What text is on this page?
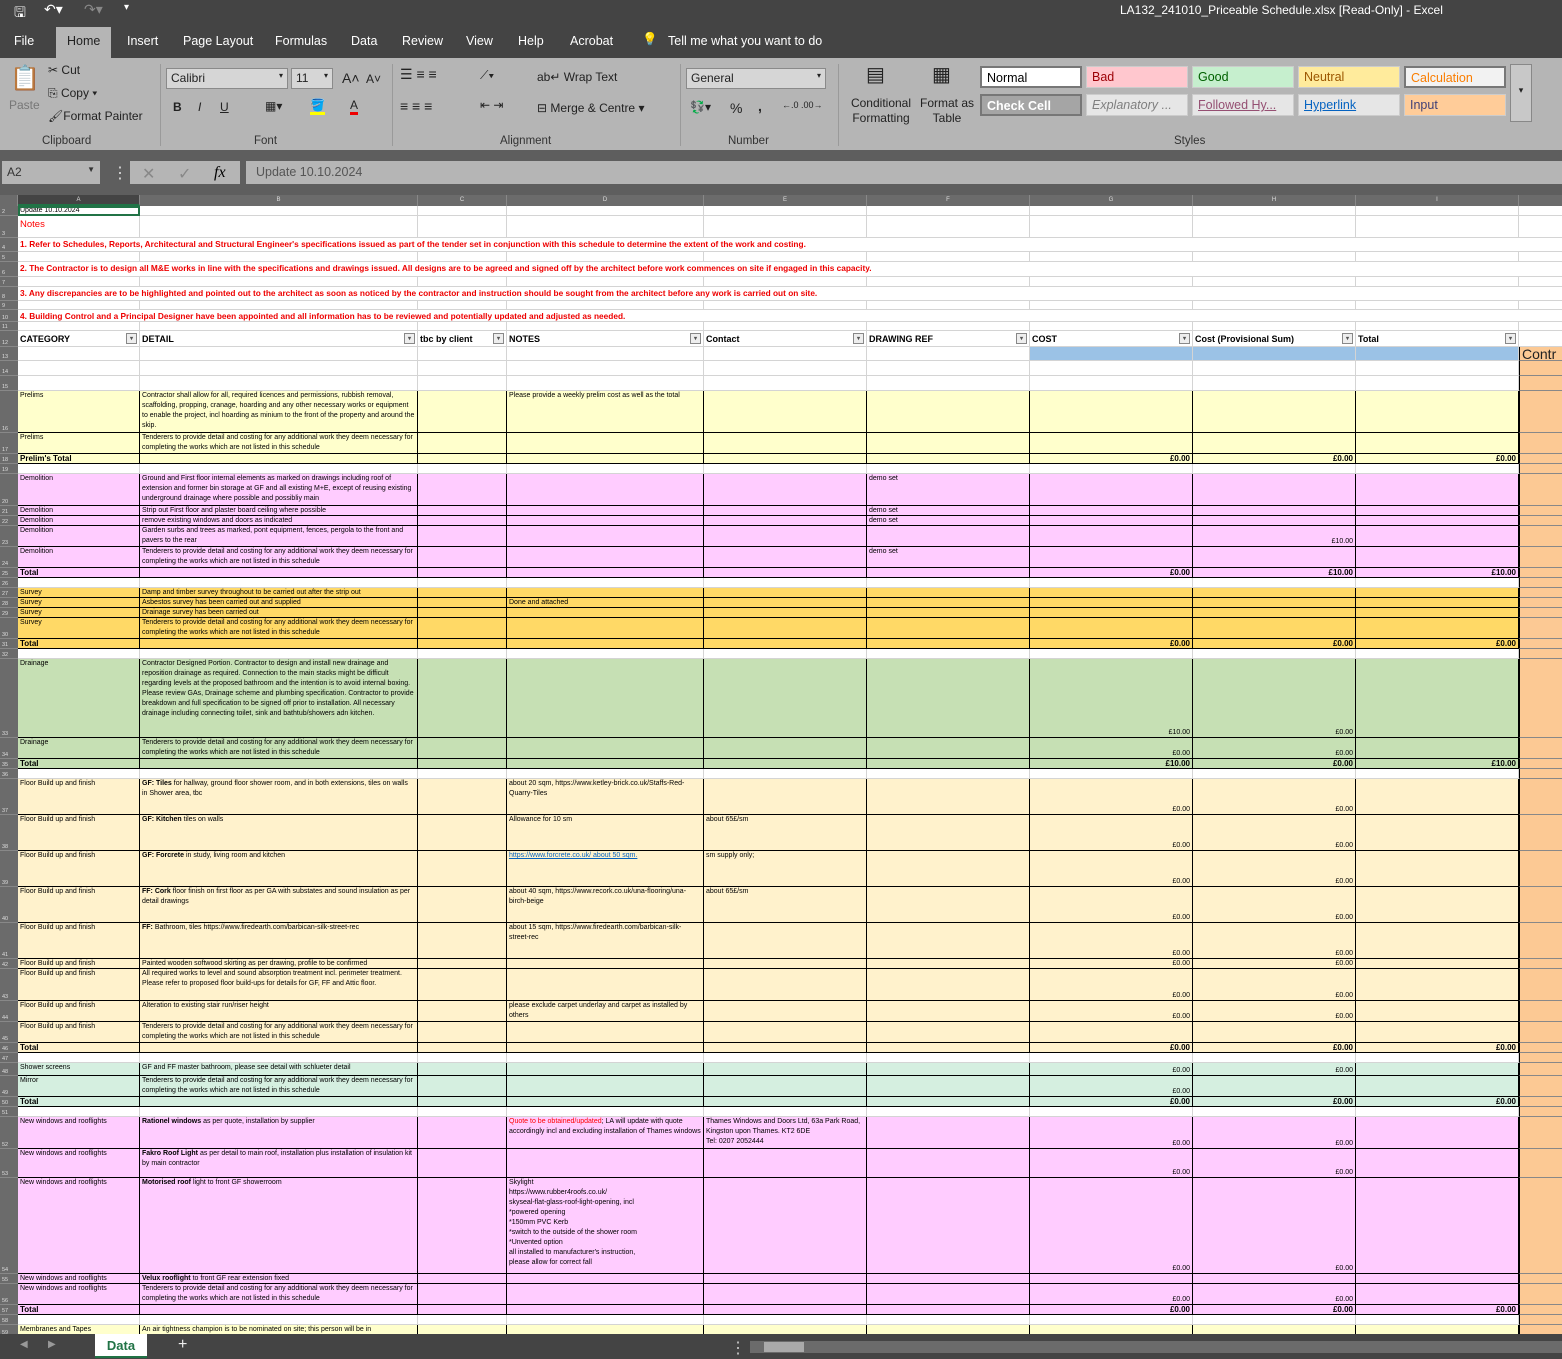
🖫 ↶▾ ↷▾ ▾	LA132_241010_Priceable Schedule.xlsx [Read-Only] - Excel
File	Home Insert Page Layout Formulas Data Review View Help Acrobat 💡 Tell me what you want to do
📋
Paste
✂ Cut
⎘ Copy ▾
🖌Format Painter
Clipboard
Calibri	▾	11 ▾ A˄ A˅
B I U	▦▾ 🪣 A
Font
☰ ≡ ≡
≡ ≡ ≡
⟋▾
⇤ ⇥
ab↵ Wrap Text
⊟ Merge & Centre ▾
Alignment
General	▾
💱▾ % , ←.0 .00→
Number
▤
Conditional Formatting
▦
Format as Table
Normal	Bad	Good	Neutral	Calculation
Check Cell	Explanatory ...	Followed Hy...	Hyperlink	Input
▾
Styles
A2	▼ ⋮ ✕ ✓ fx	Update 10.10.2024
A	B	C	D	E	F	G	H	I
2	Update 10.10.2024
3
Notes
4	1. Refer to Schedules, Reports, Architectural and Structural Engineer's specifications issued as part of the tender set in conjunction with this schedule to determine the extent of the work and costing.
5
6	2. The Contractor is to design all M&E works in line with the specifications and drawings issued. All designs are to be agreed and signed off by the architect before work commences on site if engaged in this capacity.
7
8	3. Any discrepancies are to be highlighted and pointed out to the architect as soon as noticed by the contractor and instruction should be sought from the architect before any work is carried out on site.
9
10	4. Building Control and a Principal Designer have been appointed and all information has to be reviewed and potentially updated and adjusted as needed.
11
12	CATEGORY	▾	DETAIL	▾	tbc by client	▾	NOTES	▾	Contact	▾	DRAWING REF	▾	COST	▾	Cost (Provisional Sum)	▾	Total	▾
13	Contr
14
15
16
Prelims	Contractor shall allow for all, required licences and permissions, rubbish removal, scaffolding, propping, cranage, hoarding and any other necessary works or equipment to enable the project, incl hoarding as minium to the front of the property and around the skip.
Please provide a weekly prelim cost as well as the total
17
Prelims	Tenderers to provide detail and costing for any additional work they deem necessary for completing the works which are not listed in this schedule
18	Prelim's Total	£0.00	£0.00	£0.00
19
20
Demolition	Ground and First floor internal elements as marked on drawings including roof of extension and former bin storage at GF and all existing M+E, except of reusing existing underground drainage where possible and possibliy main
demo set
21	Demolition	Strip out First floor and plaster board ceiling where possible	demo set
22	Demolition	remove existing windows and doors as indicated	demo set
23
Demolition	Garden surbs and trees as marked, pont equipment, fences, pergola to the front and pavers to the rear	£10.00
24
Demolition	Tenderers to provide detail and costing for any additional work they deem necessary for completing the works which are not listed in this schedule
demo set
25	Total	£0.00	£10.00	£10.00
26
27	Survey	Damp and timber survey throughout to be carried out after the strip out
28	Survey	Asbestos survey has been carried out and supplied	Done and attached
29	Survey	Drainage survey has been carried out
30
Survey	Tenderers to provide detail and costing for any additional work they deem necessary for completing the works which are not listed in this schedule
31	Total	£0.00	£0.00	£0.00
32
33
Drainage	Contractor Designed Portion. Contractor to design and install new drainage and reposition drainage as required. Connection to the main stacks might be difficult regarding levels at the proposed bathroom and the intention is to avoid internal boxing. Please review GAs, Drainage scheme and plumbing specification. Contractor to provide breakdown and full specification to be signed off prior to installation. All necessary drainage including connecting toilet, sink and bathtub/showers adn kitchen.
£10.00	£0.00
34
Drainage	Tenderers to provide detail and costing for any additional work they deem necessary for completing the works which are not listed in this schedule	£0.00	£0.00
35	Total	£10.00	£0.00	£10.00
36
37
Floor Build up and finish	GF: Tiles for hallway, ground floor shower room, and in both extensions, tiles on walls in Shower area, tbc
about 20 sqm, https://www.ketley-brick.co.uk/Staffs-Red-Quarry-Tiles
£0.00	£0.00
38
Floor Build up and finish	GF: Kitchen tiles on walls	Allowance for 10 sm	about 65£/sm
£0.00	£0.00
39
Floor Build up and finish	GF: Forcrete in study, living room and kitchen	https://www.forcrete.co.uk/ about 50 sqm.	sm supply only;
£0.00	£0.00
40
Floor Build up and finish	FF: Cork floor finish on first floor as per GA with substates and sound insulation as per detail drawings
about 40 sqm, https://www.recork.co.uk/una-flooring/una-birch-beige
about 65£/sm
£0.00	£0.00
41
Floor Build up and finish	FF: Bathroom, tiles https://www.firedearth.com/barbican-silk-street-rec	about 15 sqm, https://www.firedearth.com/barbican-silk-street-rec
£0.00	£0.00
42	Floor Build up and finish	Painted wooden softwood skirting as per drawing, profile to be confirmed	£0.00	£0.00
43
Floor Build up and finish	All required works to level and sound absorption treatment incl. perimeter treatment. Please refer to proposed floor build-ups for details for GF, FF and Attic floor.
£0.00	£0.00
44
Floor Build up and finish	Alteration to existing stair run/riser height	please exclude carpet underlay and carpet as installed by others	£0.00	£0.00
45
Floor Build up and finish	Tenderers to provide detail and costing for any additional work they deem necessary for completing the works which are not listed in this schedule
46	Total	£0.00	£0.00	£0.00
47
48
Shower screens	GF and FF master bathroom, please see detail with schlueter detail	£0.00	£0.00
49
Mirror	Tenderers to provide detail and costing for any additional work they deem necessary for completing the works which are not listed in this schedule	£0.00
50	Total	£0.00	£0.00	£0.00
51
52
New windows and rooflights	Rationel windows as per quote, installation by supplier	Quote to be obtained/updated; LA will update with quote accordingly incl and excluding installation of Thames windows
Thames Windows and Doors Ltd, 63a Park Road, Kingston upon Thames. KT2 6DE
Tel: 0207 2052444	£0.00	£0.00
53
New windows and rooflights	Fakro Roof Light as per detail to main roof, installation plus installation of insulation kit by main contractor
£0.00	£0.00
54
New windows and rooflights	Motorised roof light to front GF showerroom	Skylight
https://www.rubber4roofs.co.uk/
skyseal-flat-glass-roof-light-opening, incl
*powered opening
*150mm PVC Kerb
*switch to the outside of the shower room
*Unvented option
all installed to manufacturer's instruction,
please allow for correct fall
£0.00	£0.00
55	New windows and rooflights	Velux rooflight to front GF rear extension fixed
56
New windows and rooflights	Tenderers to provide detail and costing for any additional work they deem necessary for completing the works which are not listed in this schedule	£0.00	£0.00
57	Total	£0.00	£0.00	£0.00
58
59	Membranes and Tapes	An air tightness champion is to be nominated on site; this person will be in
◀ ▶	+	⋮
Data
